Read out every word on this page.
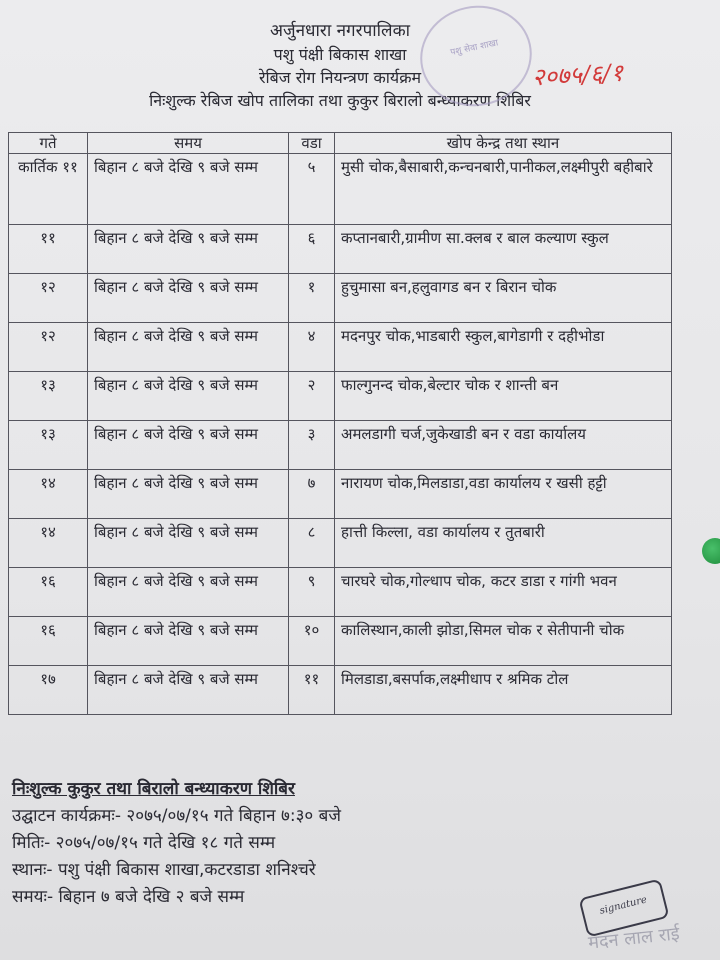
अर्जुनधारा नगरपालिका
पशु पंक्षी बिकास शाखा
रेबिज रोग नियन्त्रण कार्यक्रम
निःशुल्क रेबिज खोप तालिका तथा कुकुर बिरालो बन्ध्याकरण शिबिर
पशु सेवा शाखा
२०७५/६/१
गते	समय	वडा	खोप केन्द्र तथा स्थान
कार्तिक ११	बिहान ८ बजे देखि ९ बजे सम्म	५	मुसी चोक,बैसाबारी,कन्चनबारी,पानीकल,लक्ष्मीपुरी बहीबारे
११	बिहान ८ बजे देखि ९ बजे सम्म	६	कप्तानबारी,ग्रामीण सा.क्लब र बाल कल्याण स्कुल
१२	बिहान ८ बजे देखि ९ बजे सम्म	१	हुचुमासा बन,हलुवागड बन र बिरान चोक
१२	बिहान ८ बजे देखि ९ बजे सम्म	४	मदनपुर चोक,भाडबारी स्कुल,बागेडागी र दहीभोडा
१३	बिहान ८ बजे देखि ९ बजे सम्म	२	फाल्गुनन्द चोक,बेल्टार चोक र शान्ती बन
१३	बिहान ८ बजे देखि ९ बजे सम्म	३	अमलडागी चर्ज,जुकेखाडी बन र वडा कार्यालय
१४	बिहान ८ बजे देखि ९ बजे सम्म	७	नारायण चोक,मिलडाडा,वडा कार्यालय र खसी हट्टी
१४	बिहान ८ बजे देखि ९ बजे सम्म	८	हात्ती किल्ला, वडा कार्यालय र तुतबारी
१६	बिहान ८ बजे देखि ९ बजे सम्म	९	चारघरे चोक,गोल्धाप चोक, कटर डाडा र गांगी भवन
१६	बिहान ८ बजे देखि ९ बजे सम्म	१०	कालिस्थान,काली झोडा,सिमल चोक र सेतीपानी चोक
१७	बिहान ८ बजे देखि ९ बजे सम्म	११	मिलडाडा,बसर्पाक,लक्ष्मीधाप र श्रमिक टोल
निःशुल्क कुकुर तथा बिरालो बन्ध्याकरण शिबिर
उद्घाटन कार्यक्रमः- २०७५/०७/१५ गते बिहान ७:३० बजे
मितिः- २०७५/०७/१५ गते देखि १८ गते सम्म
स्थानः- पशु पंक्षी बिकास शाखा,कटरडाडा शनिश्चरे
समयः- बिहान ७ बजे देखि २ बजे सम्म	signature
मदन लाल राई
